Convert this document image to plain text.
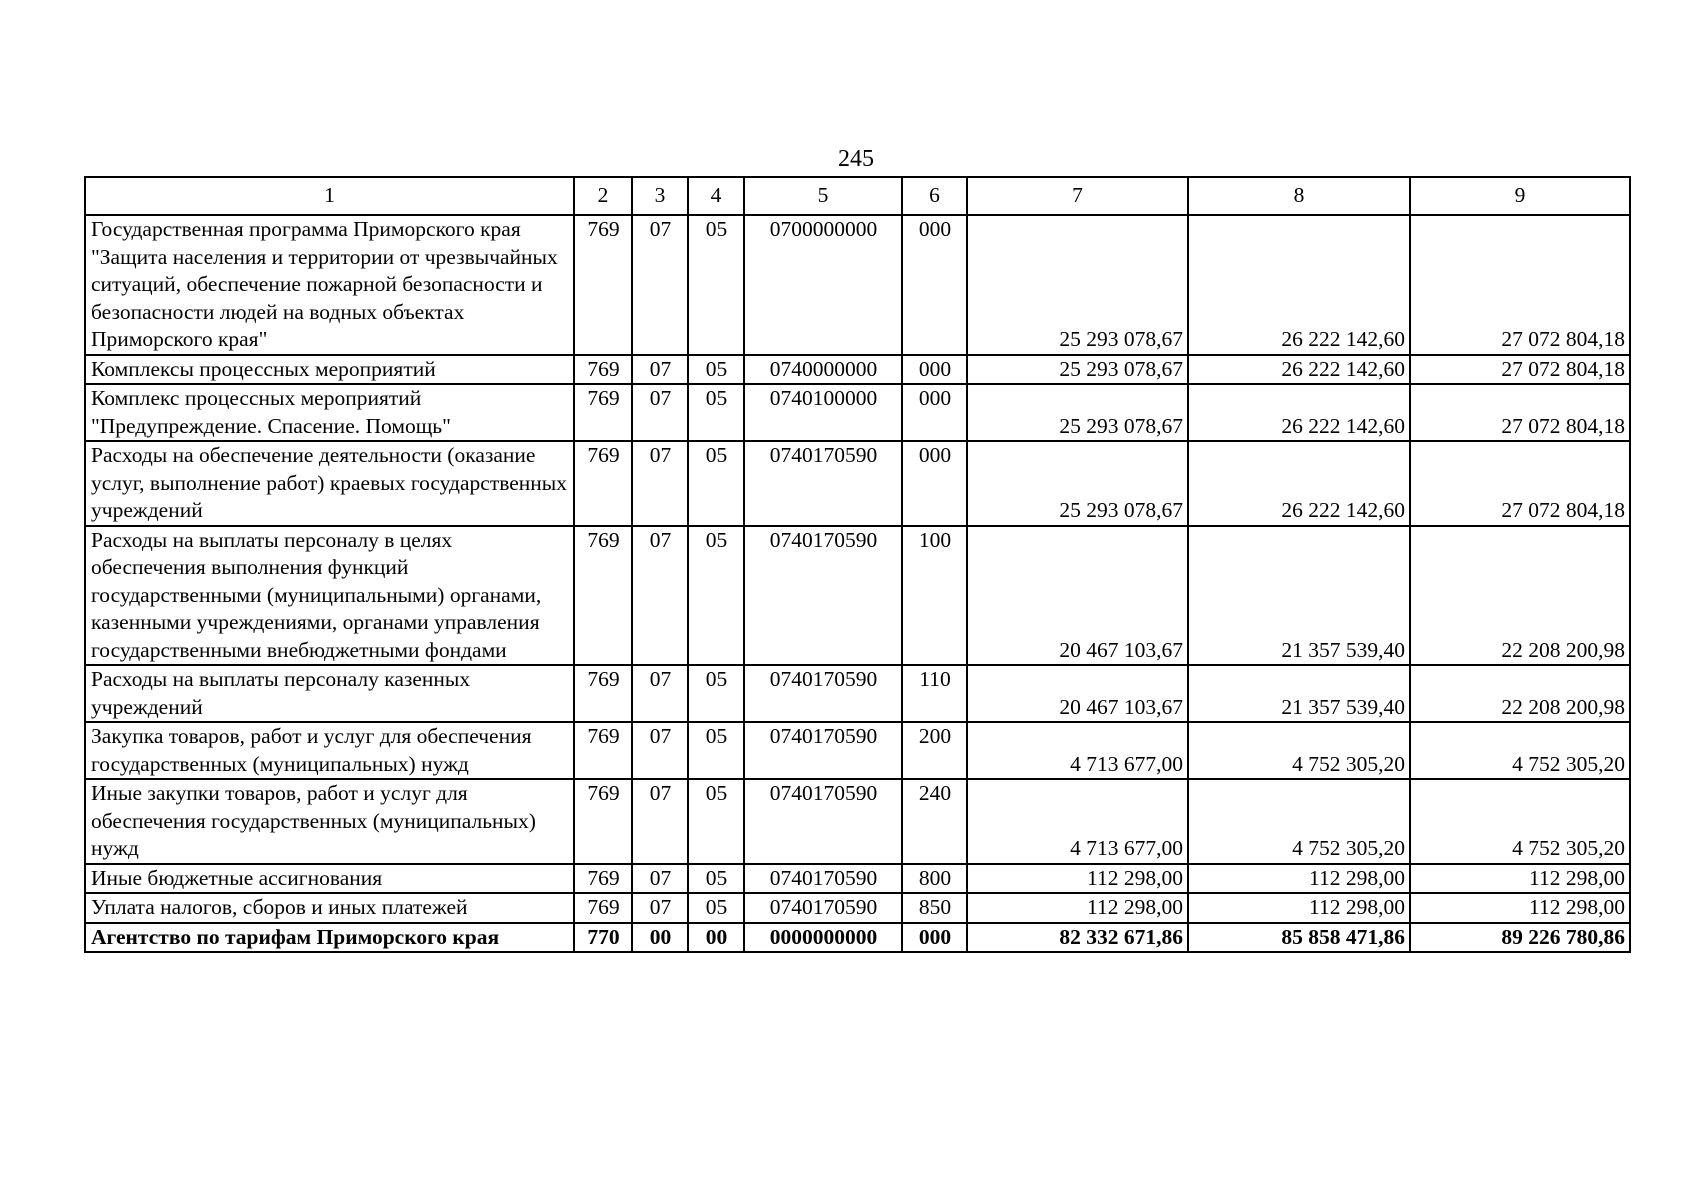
245
1	2	3	4	5	6	7	8	9
Государственная программа Приморского края "Защита населения и территории от чрезвычайных ситуаций, обеспечение пожарной безопасности и безопасности людей на водных объектах Приморского края"	769	07	05	0700000000	000	25 293 078,67	26 222 142,60	27 072 804,18
Комплексы процессных мероприятий	769	07	05	0740000000	000	25 293 078,67	26 222 142,60	27 072 804,18
Комплекс процессных мероприятий "Предупреждение. Спасение. Помощь"	769	07	05	0740100000	000	25 293 078,67	26 222 142,60	27 072 804,18
Расходы на обеспечение деятельности (оказание услуг, выполнение работ) краевых государственных учреждений	769	07	05	0740170590	000	25 293 078,67	26 222 142,60	27 072 804,18
Расходы на выплаты персоналу в целях обеспечения выполнения функций государственными (муниципальными) органами, казенными учреждениями, органами управления государственными внебюджетными фондами	769	07	05	0740170590	100	20 467 103,67	21 357 539,40	22 208 200,98
Расходы на выплаты персоналу казенных учреждений	769	07	05	0740170590	110	20 467 103,67	21 357 539,40	22 208 200,98
Закупка товаров, работ и услуг для обеспечения государственных (муниципальных) нужд	769	07	05	0740170590	200	4 713 677,00	4 752 305,20	4 752 305,20
Иные закупки товаров, работ и услуг для обеспечения государственных (муниципальных) нужд	769	07	05	0740170590	240	4 713 677,00	4 752 305,20	4 752 305,20
Иные бюджетные ассигнования	769	07	05	0740170590	800	112 298,00	112 298,00	112 298,00
Уплата налогов, сборов и иных платежей	769	07	05	0740170590	850	112 298,00	112 298,00	112 298,00
Агентство по тарифам Приморского края	770	00	00	0000000000	000	82 332 671,86	85 858 471,86	89 226 780,86
